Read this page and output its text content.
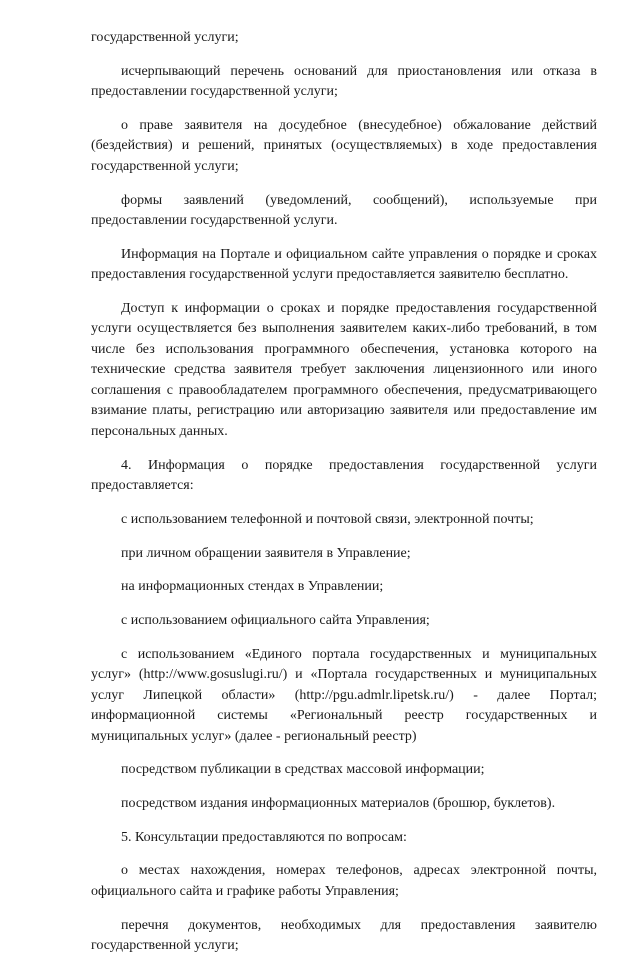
государственной услуги;

исчерпывающий перечень оснований для приостановления или отказа в предоставлении государственной услуги;

о праве заявителя на досудебное (внесудебное) обжалование действий (бездействия) и решений, принятых (осуществляемых) в ходе предоставления государственной услуги;

формы заявлений (уведомлений, сообщений), используемые при предоставлении государственной услуги.

Информация на Портале и официальном сайте управления о порядке и сроках предоставления государственной услуги предоставляется заявителю бесплатно.

Доступ к информации о сроках и порядке предоставления государственной услуги осуществляется без выполнения заявителем каких-либо требований, в том числе без использования программного обеспечения, установка которого на технические средства заявителя требует заключения лицензионного или иного соглашения с правообладателем программного обеспечения, предусматривающего взимание платы, регистрацию или авторизацию заявителя или предоставление им персональных данных.

4. Информация о порядке предоставления государственной услуги предоставляется:

с использованием телефонной и почтовой связи, электронной почты;

при личном обращении заявителя в Управление;

на информационных стендах в Управлении;

с использованием официального сайта Управления;

с использованием «Единого портала государственных и муниципальных услуг» (http://www.gosuslugi.ru/) и «Портала государственных и муниципальных услуг Липецкой области» (http://pgu.admlr.lipetsk.ru/) - далее Портал; информационной системы «Региональный реестр государственных и муниципальных услуг» (далее - региональный реестр)

посредством публикации в средствах массовой информации;

посредством издания информационных материалов (брошюр, буклетов).

5. Консультации предоставляются по вопросам:

о местах нахождения, номерах телефонов, адресах электронной почты, официального сайта и графике работы Управления;

перечня документов, необходимых для предоставления заявителю государственной услуги;
